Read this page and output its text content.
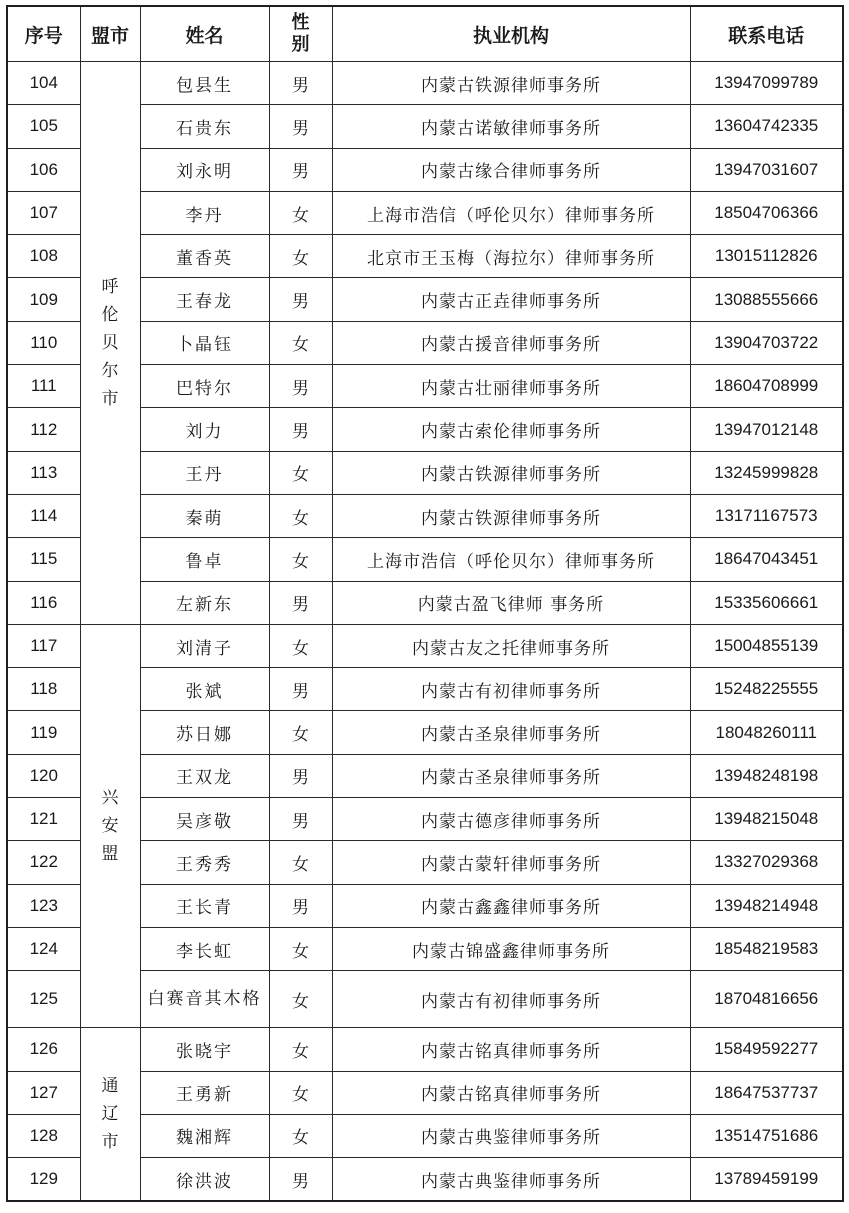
序号	盟市	姓名	性别	执业机构	联系电话
104	呼伦贝尔市	包县生	男	内蒙古铁源律师事务所	13947099789
105		石贵东	男	内蒙古诺敏律师事务所	13604742335
106		刘永明	男	内蒙古缘合律师事务所	13947031607
107		李丹	女	上海市浩信（呼伦贝尔）律师事务所	18504706366
108		董香英	女	北京市王玉梅（海拉尔）律师事务所	13015112826
109		王春龙	男	内蒙古正垚律师事务所	13088555666
110		卜晶钰	女	内蒙古援音律师事务所	13904703722
111		巴特尔	男	内蒙古壮丽律师事务所	18604708999
112		刘力	男	内蒙古索伦律师事务所	13947012148
113		王丹	女	内蒙古铁源律师事务所	13245999828
114		秦萌	女	内蒙古铁源律师事务所	13171167573
115		鲁卓	女	上海市浩信（呼伦贝尔）律师事务所	18647043451
116		左新东	男	内蒙古盈飞律师 事务所	15335606661
117	兴安盟	刘清子	女	内蒙古友之托律师事务所	15004855139
118		张斌	男	内蒙古有初律师事务所	15248225555
119		苏日娜	女	内蒙古圣泉律师事务所	18048260111
120		王双龙	男	内蒙古圣泉律师事务所	13948248198
121		吴彦敬	男	内蒙古德彦律师事务所	13948215048
122		王秀秀	女	内蒙古蒙轩律师事务所	13327029368
123		王长青	男	内蒙古鑫鑫律师事务所	13948214948
124		李长虹	女	内蒙古锦盛鑫律师事务所	18548219583
125		白赛音其木格	女	内蒙古有初律师事务所	18704816656
126	通辽市	张晓宇	女	内蒙古铭真律师事务所	15849592277
127		王勇新	女	内蒙古铭真律师事务所	18647537737
128		魏湘辉	女	内蒙古典鉴律师事务所	13514751686
129		徐洪波	男	内蒙古典鉴律师事务所	13789459199
